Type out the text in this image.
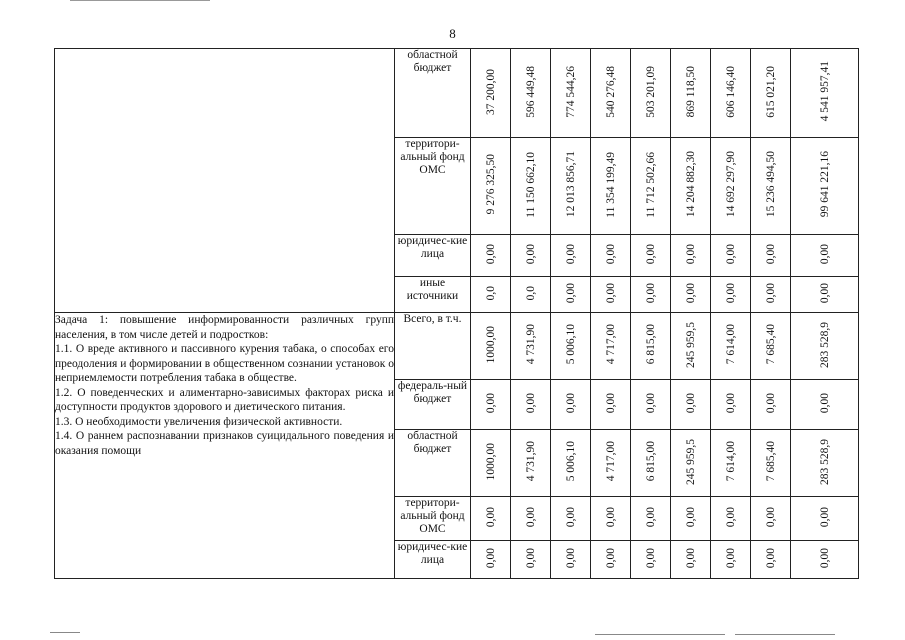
8
	областной бюджет	37 200,00	596 449,48	774 544,26	540 276,48	503 201,09	869 118,50	606 146,40	615 021,20	4 541 957,41
	территори-альный фонд ОМС	9 276 325,50	11 150 662,10	12 013 856,71	11 354 199,49	11 712 502,66	14 204 882,30	14 692 297,90	15 236 494,50	99 641 221,16
	юридичес-кие лица	0,00	0,00	0,00	0,00	0,00	0,00	0,00	0,00	0,00
	иные источники	0,0	0,0	0,00	0,00	0,00	0,00	0,00	0,00	0,00

Задача 1: повышение информированности различных групп населения, в том числе детей и подростков:

1.1. О вреде активного и пассивного курения табака, о способах его преодоления и формировании в общественном сознании установок о неприемлемости потребления табака в обществе.

1.2. О поведенческих и алиментарно-зависимых факторах риска и доступности продуктов здорового и диетического питания.

1.3. О необходимости увеличения физической активности.

1.4. О раннем распознавании признаков суицидального поведения и оказания помощи	Всего, в т.ч.	1000,00	4 731,90	5 006,10	4 717,00	6 815,00	245 959,5	7 614,00	7 685,40	283 528,9
	федераль-ный бюджет	0,00	0,00	0,00	0,00	0,00	0,00	0,00	0,00	0,00
	областной бюджет	1000,00	4 731,90	5 006,10	4 717,00	6 815,00	245 959,5	7 614,00	7 685,40	283 528,9
	территори-альный фонд ОМС	0,00	0,00	0,00	0,00	0,00	0,00	0,00	0,00	0,00
	юридичес-кие лица	0,00	0,00	0,00	0,00	0,00	0,00	0,00	0,00	0,00
